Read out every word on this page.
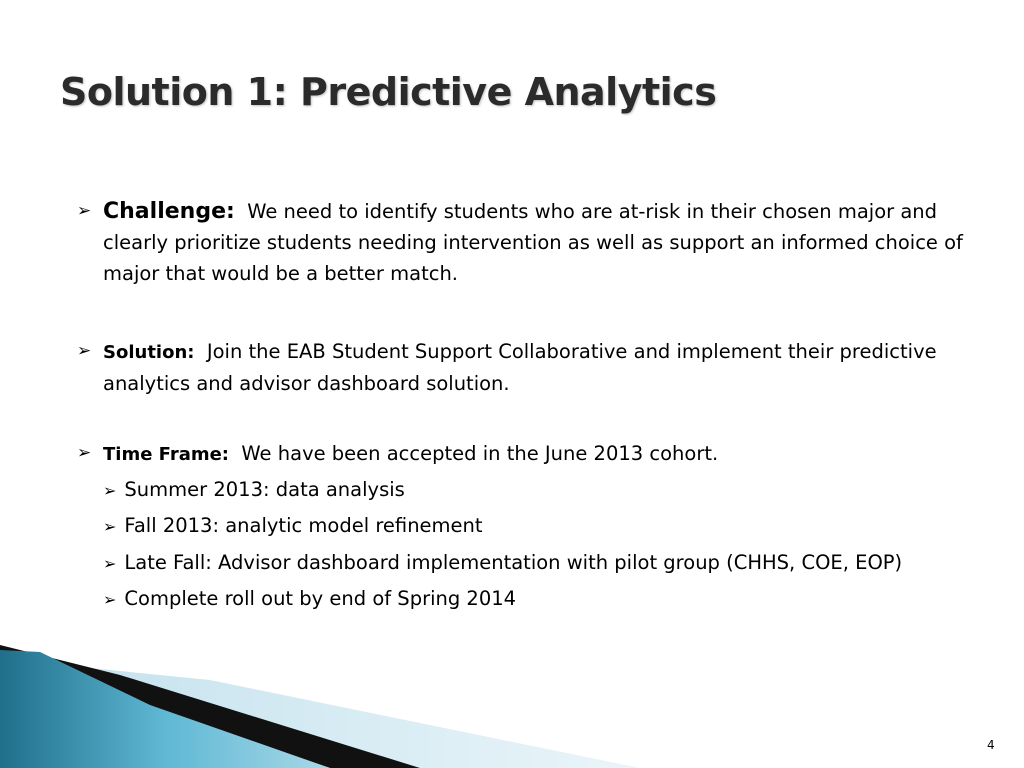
Solution 1: Predictive Analytics
➢ Challenge: We need to identify students who are at-risk in their chosen major and clearly prioritize students needing intervention as well as support an informed choice of major that would be a better match.
➢ Solution: Join the EAB Student Support Collaborative and implement their predictive analytics and advisor dashboard solution.
➢ Time Frame: We have been accepted in the June 2013 cohort.
➢ Summer 2013: data analysis
➢ Fall 2013: analytic model refinement
➢ Late Fall: Advisor dashboard implementation with pilot group (CHHS, COE, EOP)
➢ Complete roll out by end of Spring 2014
4
